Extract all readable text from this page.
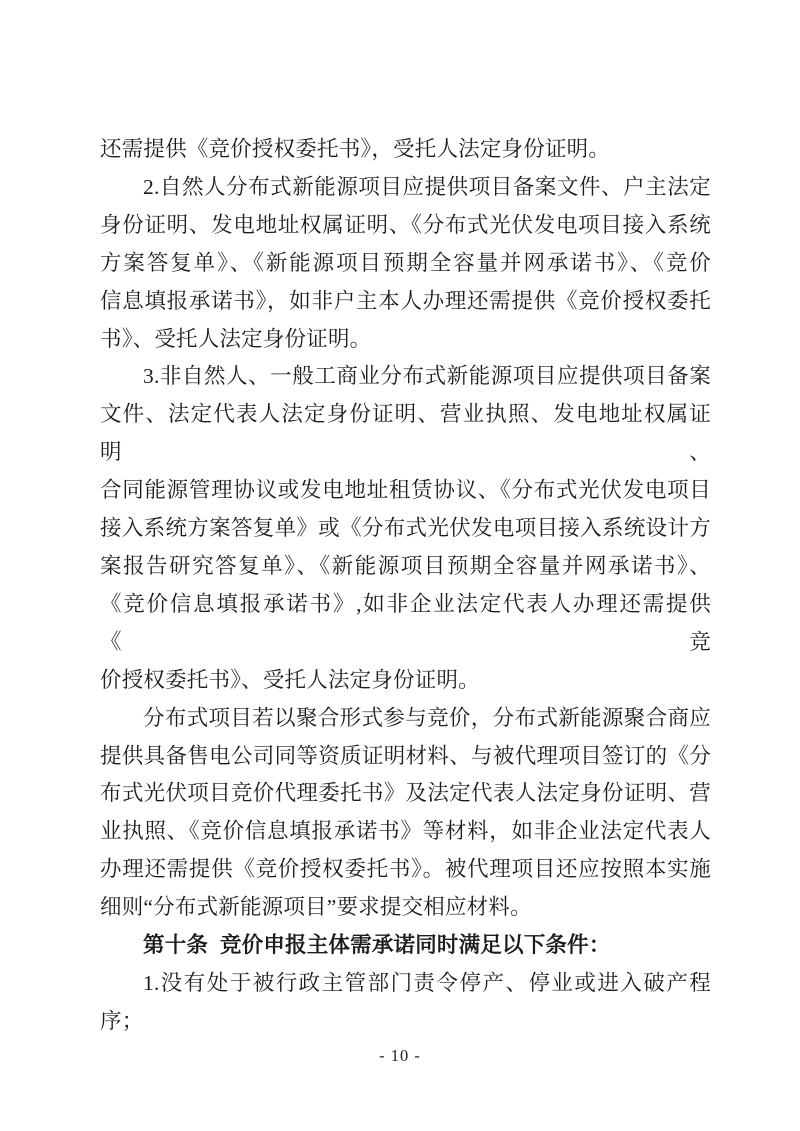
还需提供《竞价授权委托书》，受托人法定身份证明。
2.自然人分布式新能源项目应提供项目备案文件、户主法定
身份证明、发电地址权属证明、《分布式光伏发电项目接入系统
方案答复单》、《新能源项目预期全容量并网承诺书》、《竞价
信息填报承诺书》，如非户主本人办理还需提供《竞价授权委托
书》、受托人法定身份证明。
3.非自然人、一般工商业分布式新能源项目应提供项目备案
文件、法定代表人法定身份证明、营业执照、发电地址权属证明、
合同能源管理协议或发电地址租赁协议、《分布式光伏发电项目
接入系统方案答复单》或《分布式光伏发电项目接入系统设计方
案报告研究答复单》、《新能源项目预期全容量并网承诺书》、
《竞价信息填报承诺书》,如非企业法定代表人办理还需提供《竞
价授权委托书》、受托人法定身份证明。
分布式项目若以聚合形式参与竞价，分布式新能源聚合商应
提供具备售电公司同等资质证明材料、与被代理项目签订的《分
布式光伏项目竞价代理委托书》及法定代表人法定身份证明、营
业执照、《竞价信息填报承诺书》等材料，如非企业法定代表人
办理还需提供《竞价授权委托书》。被代理项目还应按照本实施
细则“分布式新能源项目”要求提交相应材料。
第十条 竞价申报主体需承诺同时满足以下条件：
1.没有处于被行政主管部门责令停产、停业或进入破产程
序；
- 10 -
